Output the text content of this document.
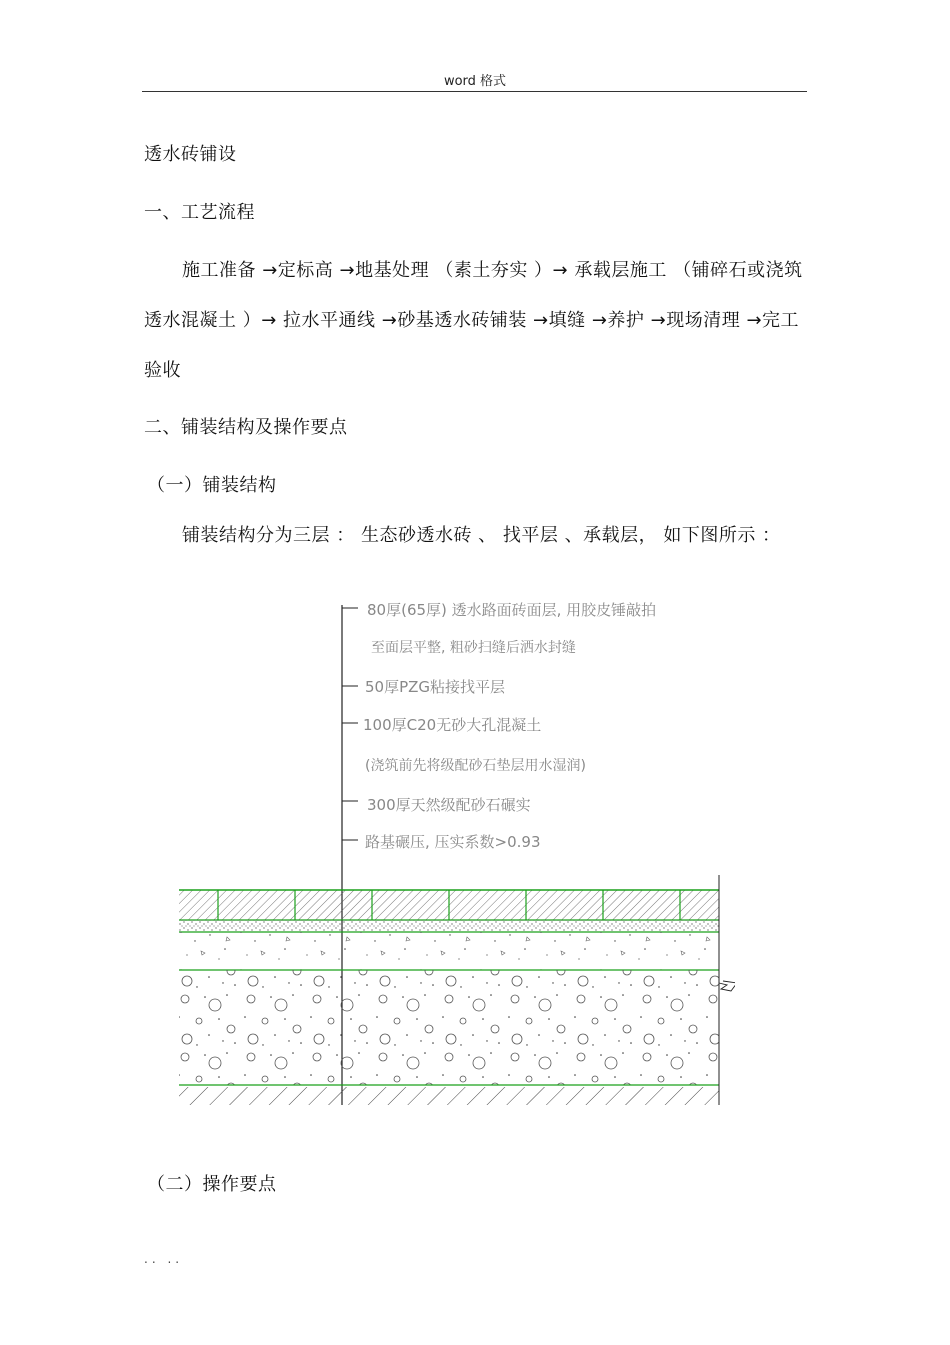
word 格式
透水砖铺设
一、工艺流程
施工准备 →定标高 →地基处理 （素土夯实 ）→ 承载层施工 （铺碎石或浇筑
透水混凝土 ）→ 拉水平通线 →砂基透水砖铺装 →填缝 →养护 →现场清理 →完工
验收
二、铺装结构及操作要点
（一）铺装结构
铺装结构分为三层 ： 生态砂透水砖 、 找平层 、承载层， 如下图所示 ：
80厚(65厚) 透水路面砖面层, 用胶皮锤敲拍
至面层平整, 粗砂扫缝后洒水封缝
50厚PZG粘接找平层
100厚C20无砂大孔混凝土
(浇筑前先将级配砂石垫层用水湿润)
300厚天然级配砂石碾实
路基碾压, 压实系数>0.93
（二）操作要点
.. ..
